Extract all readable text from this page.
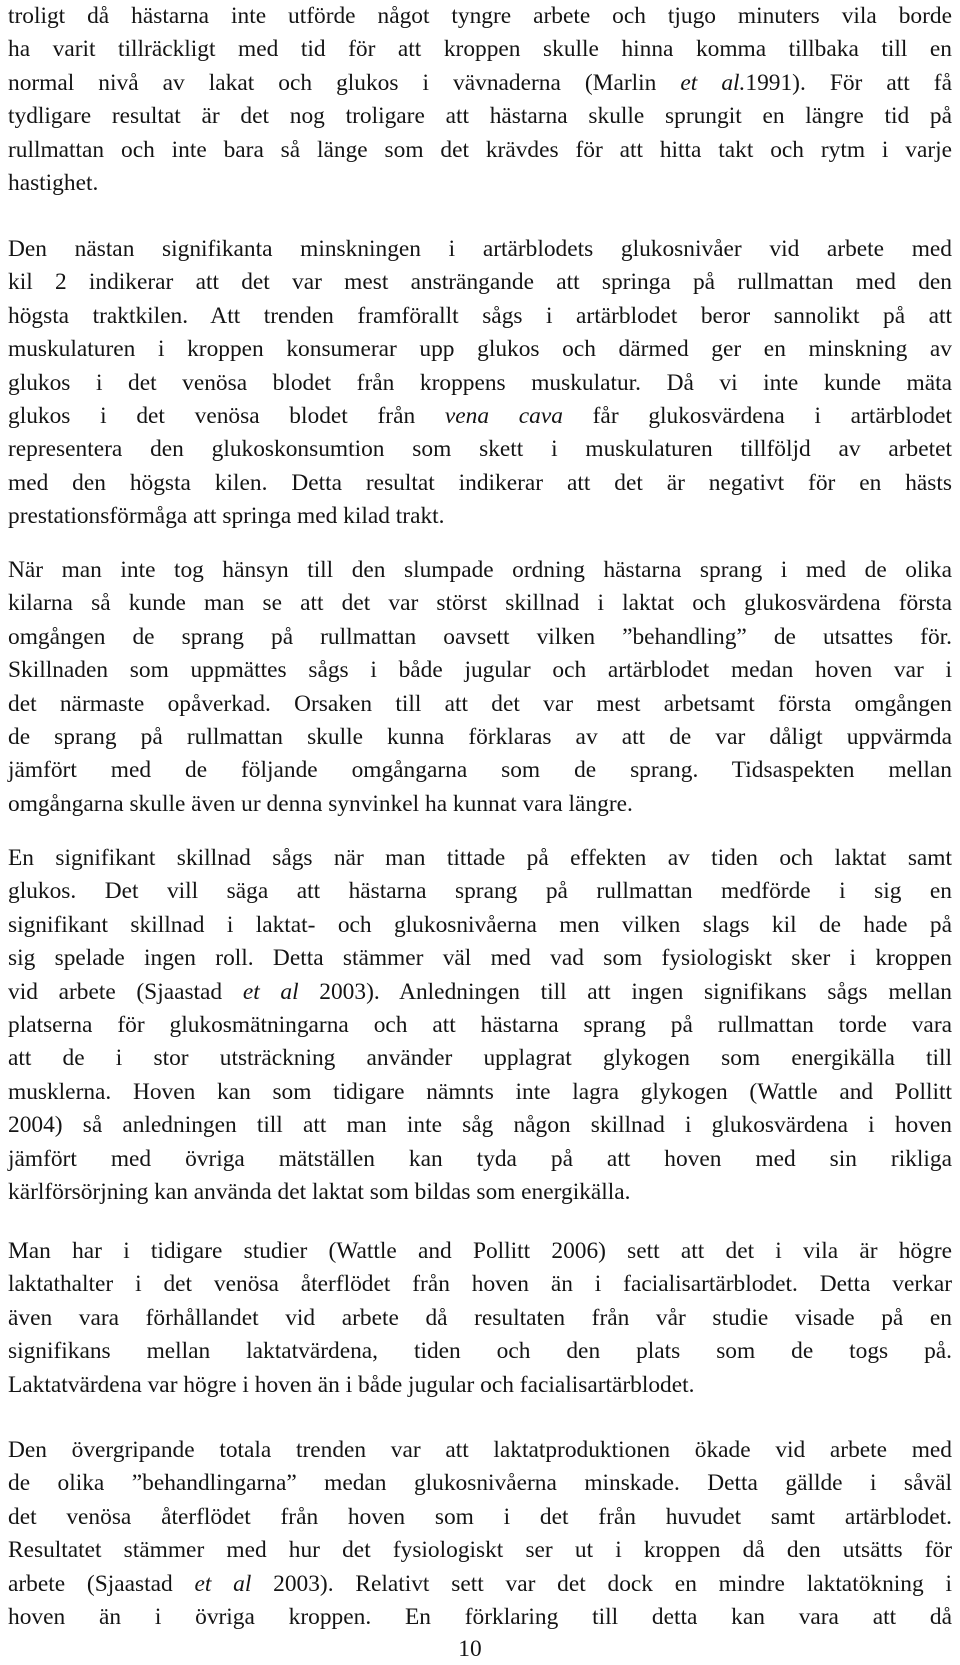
troligt då hästarna inte utförde något tyngre arbete och tjugo minuters vila borde
ha varit tillräckligt med tid för att kroppen skulle hinna komma tillbaka till en
normal nivå av lakat och glukos i vävnaderna (Marlin et al.1991). För att få
tydligare resultat är det nog troligare att hästarna skulle sprungit en längre tid på
rullmattan och inte bara så länge som det krävdes för att hitta takt och rytm i varje
hastighet.
Den nästan signifikanta minskningen i artärblodets glukosnivåer vid arbete med
kil 2 indikerar att det var mest ansträngande att springa på rullmattan med den
högsta traktkilen. Att trenden framförallt sågs i artärblodet beror sannolikt på att
muskulaturen i kroppen konsumerar upp glukos och därmed ger en minskning av
glukos i det venösa blodet från kroppens muskulatur. Då vi inte kunde mäta
glukos i det venösa blodet från vena cava får glukosvärdena i artärblodet
representera den glukoskonsumtion som skett i muskulaturen tillföljd av arbetet
med den högsta kilen. Detta resultat indikerar att det är negativt för en hästs
prestationsförmåga att springa med kilad trakt.
När man inte tog hänsyn till den slumpade ordning hästarna sprang i med de olika
kilarna så kunde man se att det var störst skillnad i laktat och glukosvärdena första
omgången de sprang på rullmattan oavsett vilken ”behandling” de utsattes för.
Skillnaden som uppmättes sågs i både jugular och artärblodet medan hoven var i
det närmaste opåverkad. Orsaken till att det var mest arbetsamt första omgången
de sprang på rullmattan skulle kunna förklaras av att de var dåligt uppvärmda
jämfört med de följande omgångarna som de sprang. Tidsaspekten mellan
omgångarna skulle även ur denna synvinkel ha kunnat vara längre.
En signifikant skillnad sågs när man tittade på effekten av tiden och laktat samt
glukos. Det vill säga att hästarna sprang på rullmattan medförde i sig en
signifikant skillnad i laktat- och glukosnivåerna men vilken slags kil de hade på
sig spelade ingen roll. Detta stämmer väl med vad som fysiologiskt sker i kroppen
vid arbete (Sjaastad et al 2003). Anledningen till att ingen signifikans sågs mellan
platserna för glukosmätningarna och att hästarna sprang på rullmattan torde vara
att de i stor utsträckning använder upplagrat glykogen som energikälla till
musklerna. Hoven kan som tidigare nämnts inte lagra glykogen (Wattle and Pollitt
2004) så anledningen till att man inte såg någon skillnad i glukosvärdena i hoven
jämfört med övriga mätställen kan tyda på att hoven med sin rikliga
kärlförsörjning kan använda det laktat som bildas som energikälla.
Man har i tidigare studier (Wattle and Pollitt 2006) sett att det i vila är högre
laktathalter i det venösa återflödet från hoven än i facialisartärblodet. Detta verkar
även vara förhållandet vid arbete då resultaten från vår studie visade på en
signifikans mellan laktatvärdena, tiden och den plats som de togs på.
Laktatvärdena var högre i hoven än i både jugular och facialisartärblodet.
Den övergripande totala trenden var att laktatproduktionen ökade vid arbete med
de olika ”behandlingarna” medan glukosnivåerna minskade. Detta gällde i såväl
det venösa återflödet från hoven som i det från huvudet samt artärblodet.
Resultatet stämmer med hur det fysiologiskt ser ut i kroppen då den utsätts för
arbete (Sjaastad et al 2003). Relativt sett var det dock en mindre laktatökning i
hoven än i övriga kroppen. En förklaring till detta kan vara att då
10
